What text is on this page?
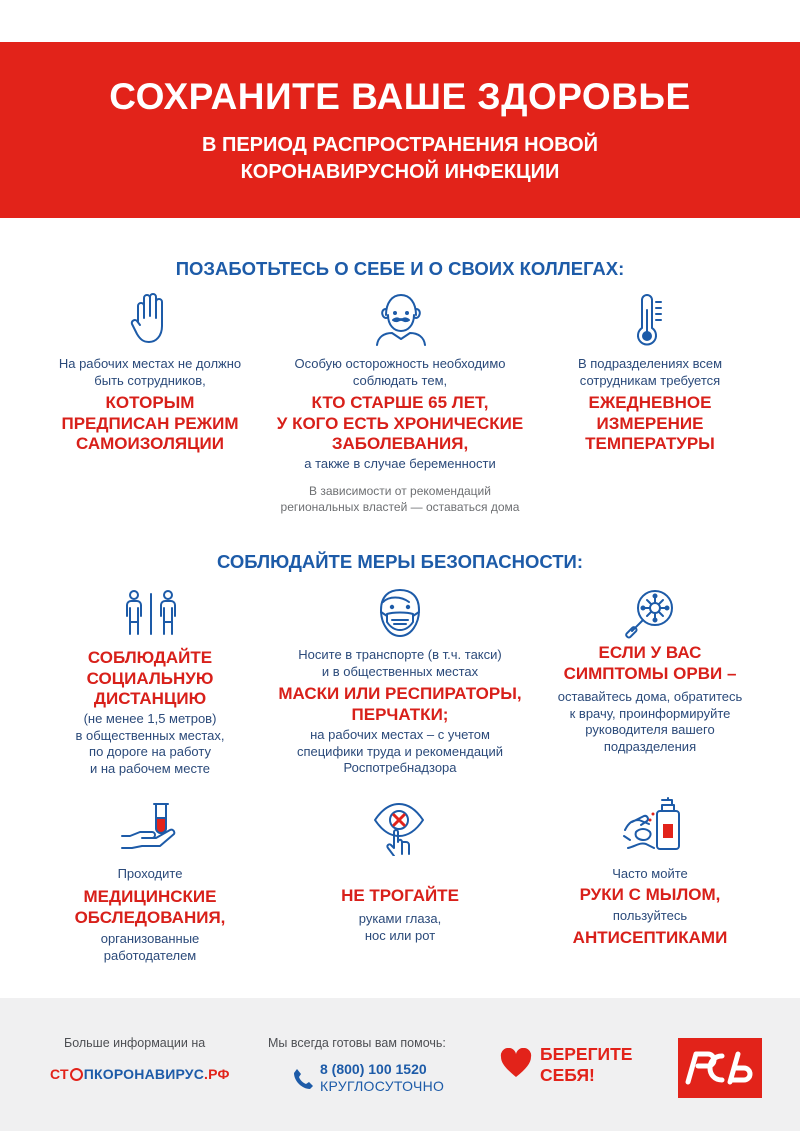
СОХРАНИТЕ ВАШЕ ЗДОРОВЬЕ
В ПЕРИОД РАСПРОСТРАНЕНИЯ НОВОЙ
КОРОНАВИРУСНОЙ ИНФЕКЦИИ
ПОЗАБОТЬТЕСЬ О СЕБЕ И О СВОИХ КОЛЛЕГАХ:
На рабочих местах не должно
быть сотрудников,
КОТОРЫМ
ПРЕДПИСАН РЕЖИМ
САМОИЗОЛЯЦИИ
Особую осторожность необходимо
соблюдать тем,
КТО СТАРШЕ 65 ЛЕТ,
У КОГО ЕСТЬ ХРОНИЧЕСКИЕ
ЗАБОЛЕВАНИЯ,
а также в случае беременности
В зависимости от рекомендаций
региональных властей — оставаться дома
В подразделениях всем
сотрудникам требуется
ЕЖЕДНЕВНОЕ
ИЗМЕРЕНИЕ
ТЕМПЕРАТУРЫ
СОБЛЮДАЙТЕ МЕРЫ БЕЗОПАСНОСТИ:
СОБЛЮДАЙТЕ
СОЦИАЛЬНУЮ
ДИСТАНЦИЮ
(не менее 1,5 метров)
в общественных местах,
по дороге на работу
и на рабочем месте
Носите в транспорте (в т.ч. такси)
и в общественных местах
МАСКИ ИЛИ РЕСПИРАТОРЫ,
ПЕРЧАТКИ;
на рабочих местах – с учетом
специфики труда и рекомендаций
Роспотребнадзора
ЕСЛИ У ВАС
СИМПТОМЫ ОРВИ –
оставайтесь дома, обратитесь
к врачу, проинформируйте
руководителя вашего
подразделения
Проходите
МЕДИЦИНСКИЕ
ОБСЛЕДОВАНИЯ,
организованные
работодателем
НЕ ТРОГАЙТЕ
руками глаза,
нос или рот
Часто мойте
РУКИ С МЫЛОМ,
пользуйтесь
АНТИСЕПТИКАМИ
Больше информации на
СТ ПКОРОНАВИРУС.РФ
Мы всегда готовы вам помочь:
8 (800) 100 1520
КРУГЛОСУТОЧНО
БЕРЕГИТЕ
СЕБЯ!
